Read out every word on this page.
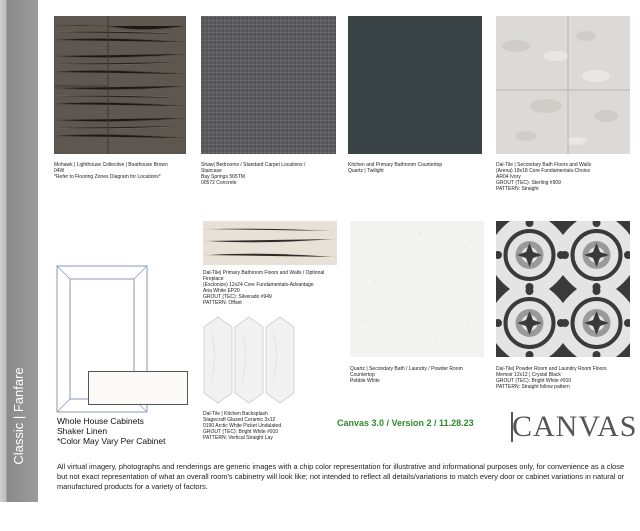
Classic | Fanfare
Mohawk | Lighthouse Collective | Boathouse Brown
04W
*Refer to Flooring Zones Diagram for Locations*
Shaw| Bedrooms / Standard Carpet Locations /
Staircase
Bay Springs 565TM
00572 Concrete
Kitchen and Primary Bathroom Countertop
Quartz | Twilight
Dal-Tile | Secondary Bath Floors and Walls
(Arena) 18x18 Core Fundamentals-Choice
AR04 Ivory
GROUT (TEC): Sterling #909
PATTERN: Straight
Whole House Cabinets
Shaker Linen
*Color May Vary Per Cabinet
Dal-Tile| Primary Bathroom Floors and Walls / Optional
Fireplace
(Exclonize) 12x24 Core Fundamentals-Advantage
Aria White EP20
GROUT (TEC): Silverado #949
PATTERN: Offset
Dal-Tile | Kitchen Backsplash
Stagecraft Glazed Ceramic 3x12
0190 Arctic White Picket Undulated
GROUT (TEC): Bright White #910
PATTERN: Vertical Straight Lay
Quartz | Secondary Bath / Laundry / Powder Room
Countertop
Pebble White
Dal-Tile| Powder Room and Laundry Room Floors
Memoir 12x12 | Crystal Black
GROUT (TEC): Bright White #910
PATTERN: Straight follow pattern
Canvas 3.0 / Version 2 / 11.28.23 CANVAS
All virtual imagery, photographs and renderings are generic images with a chip color representation for illustrative and informational purposes only, for convenience as a close but not exact representation of what an overall room's cabinetry will look like; not intended to reflect all details/variations to match every door or cabinet variations in natural or manufactured products for a variety of factors.
